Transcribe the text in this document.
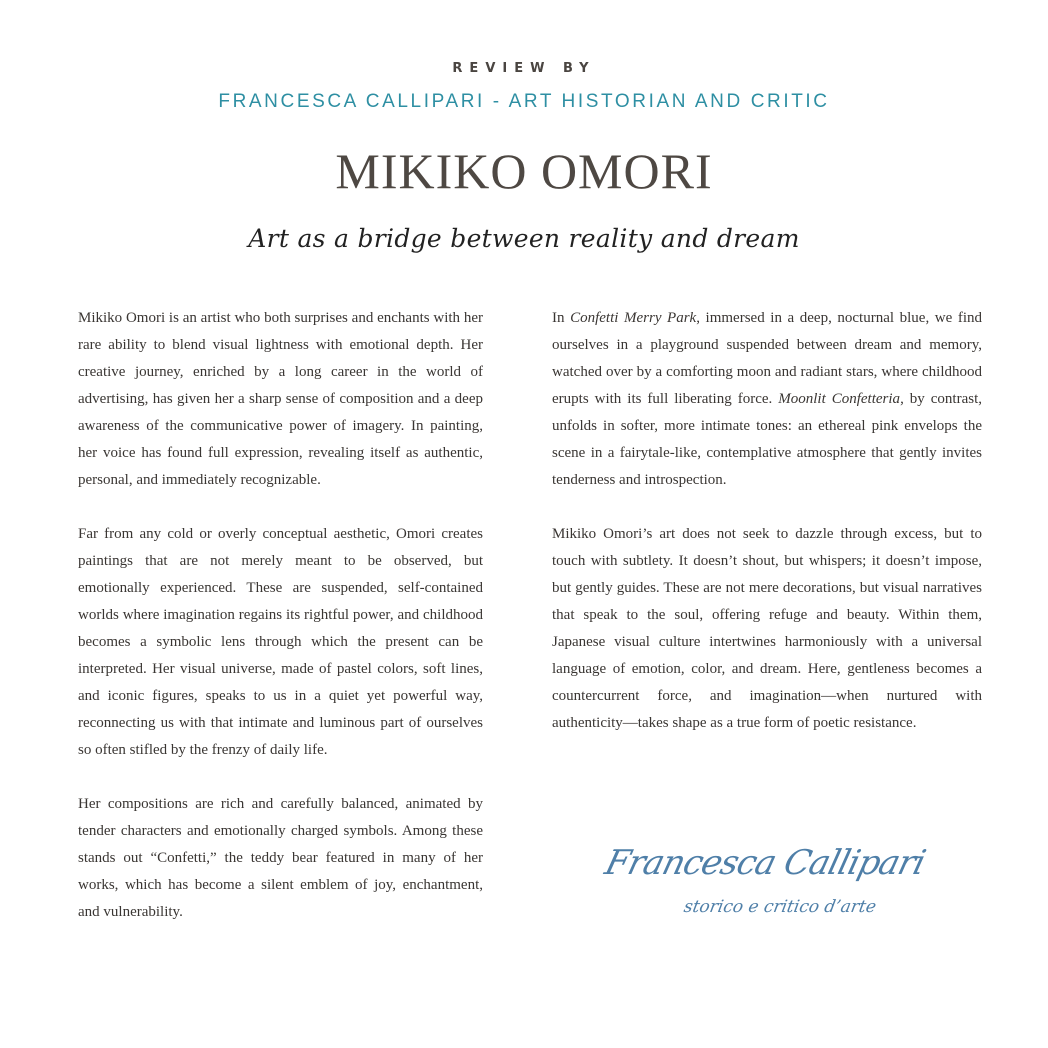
REVIEW BY
FRANCESCA CALLIPARI - ART HISTORIAN AND CRITIC
MIKIKO OMORI
Art as a bridge between reality and dream

Mikiko Omori is an artist who both surprises and enchants with her rare ability to blend visual lightness with emotional depth. Her creative journey, enriched by a long career in the world of advertising, has given her a sharp sense of composition and a deep awareness of the communicative power of imagery. In painting, her voice has found full expression, revealing itself as authentic, personal, and immediately recognizable.

Far from any cold or overly conceptual aesthetic, Omori creates paintings that are not merely meant to be observed, but emotionally experienced. These are suspended, self-contained worlds where imagination regains its rightful power, and childhood becomes a symbolic lens through which the present can be interpreted. Her visual universe, made of pastel colors, soft lines, and iconic figures, speaks to us in a quiet yet powerful way, reconnecting us with that intimate and luminous part of ourselves so often stifled by the frenzy of daily life.

Her compositions are rich and carefully balanced, animated by tender characters and emotionally charged symbols. Among these stands out “Confetti,” the teddy bear featured in many of her works, which has become a silent emblem of joy, enchantment, and vulnerability.

In Confetti Merry Park, immersed in a deep, nocturnal blue, we find ourselves in a playground suspended between dream and memory, watched over by a comforting moon and radiant stars, where childhood erupts with its full liberating force. Moonlit Confetteria, by contrast, unfolds in softer, more intimate tones: an ethereal pink envelops the scene in a fairytale-like, contemplative atmosphere that gently invites tenderness and introspection.

Mikiko Omori’s art does not seek to dazzle through excess, but to touch with subtlety. It doesn’t shout, but whispers; it doesn’t impose, but gently guides. These are not mere decorations, but visual narratives that speak to the soul, offering refuge and beauty. Within them, Japanese visual culture intertwines harmoniously with a universal language of emotion, color, and dream. Here, gentleness becomes a countercurrent force, and imagination—when nurtured with authenticity—takes shape as a true form of poetic resistance.

Francesca Callipari
storico e critico d’arte
